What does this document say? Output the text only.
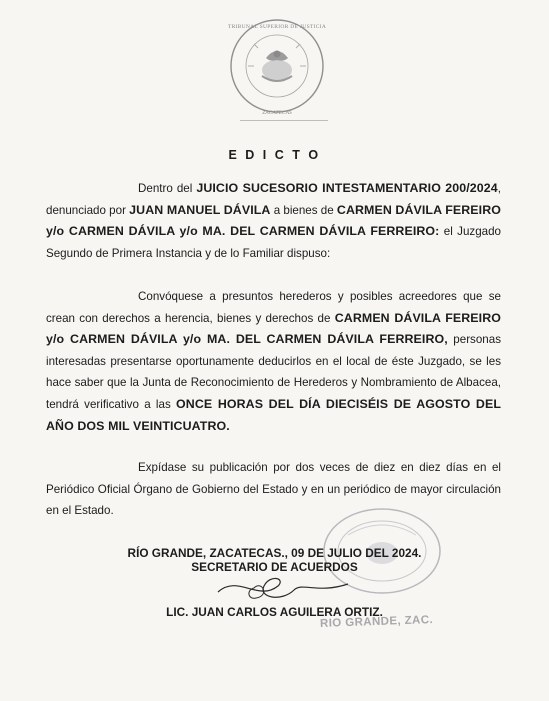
TRIBUNAL SUPERIOR DE JUSTICIA
ZACATECAS
E D I C T O

Dentro del JUICIO SUCESORIO INTESTAMENTARIO 200/2024, denunciado por JUAN MANUEL DÁVILA a bienes de CARMEN DÁVILA FEREIRO y/o CARMEN DÁVILA y/o MA. DEL CARMEN DÁVILA FERREIRO: el Juzgado Segundo de Primera Instancia y de lo Familiar dispuso:

Convóquese a presuntos herederos y posibles acreedores que se crean con derechos a herencia, bienes y derechos de CARMEN DÁVILA FEREIRO y/o CARMEN DÁVILA y/o MA. DEL CARMEN DÁVILA FERREIRO, personas interesadas presentarse oportunamente deducirlos en el local de éste Juzgado, se les hace saber que la Junta de Reconocimiento de Herederos y Nombramiento de Albacea, tendrá verificativo a las ONCE HORAS DEL DÍA DIECISÉIS DE AGOSTO DEL AÑO DOS MIL VEINTICUATRO.

Expídase su publicación por dos veces de diez en diez días en el Periódico Oficial Órgano de Gobierno del Estado y en un periódico de mayor circulación en el Estado.

RÍO GRANDE, ZACATECAS., 09 DE JULIO DEL 2024.
SECRETARIO DE ACUERDOS
LIC. JUAN CARLOS AGUILERA ORTIZ.
RIO GRANDE, ZAC.
